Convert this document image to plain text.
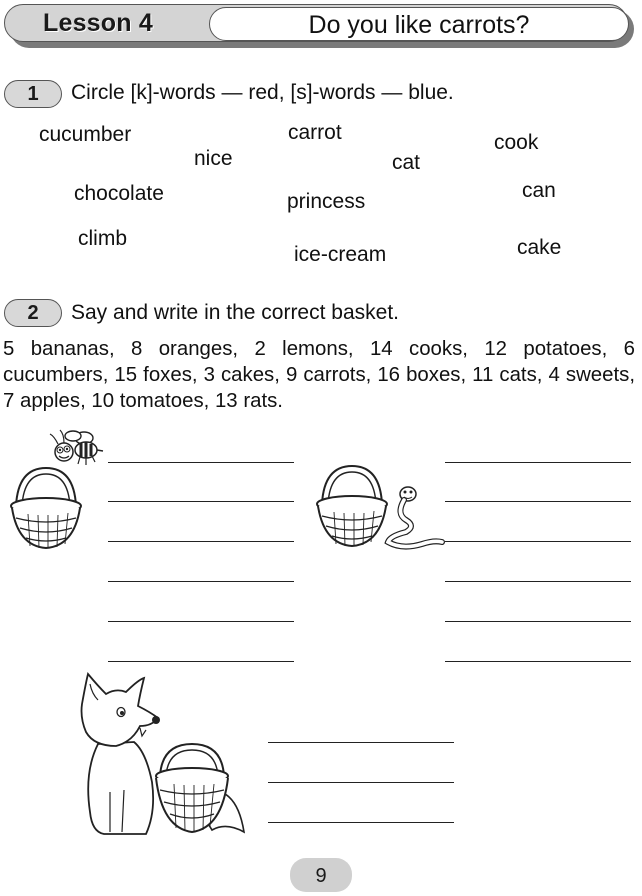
Lesson 4	Do you like carrots?
1	Circle [k]-words — red, [s]-words — blue.
cucumber	carrot
nice	cat
cook
chocolate	princess	can
climb
ice-cream	cake
2	Say and write in the correct basket.
5 bananas, 8 oranges, 2 lemons, 14 cooks, 12 potatoes, 6 cucumbers, 15 foxes, 3 cakes, 9 carrots, 16 boxes, 11 cats, 4 sweets, 7 apples, 10 tomatoes, 13 rats.
9
